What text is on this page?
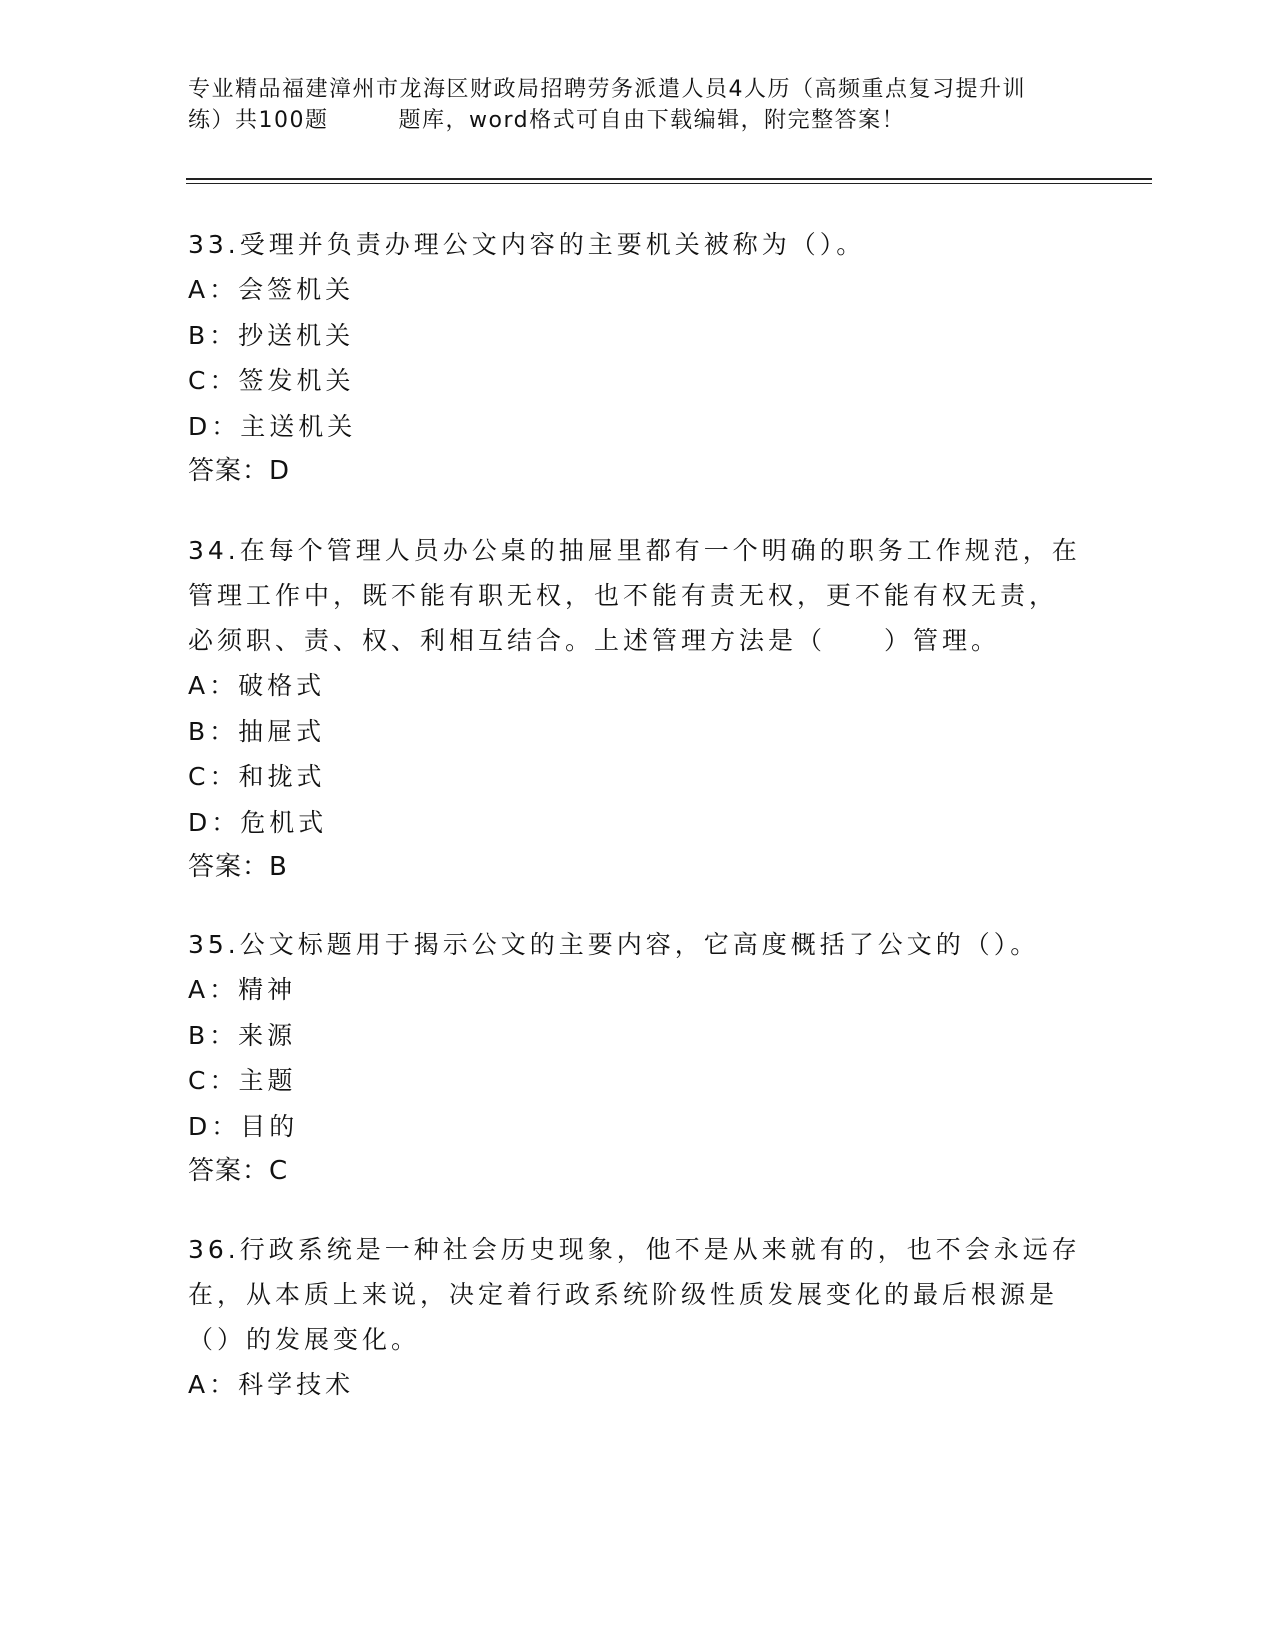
专业精品福建漳州市龙海区财政局招聘劳务派遣人员4人历（高频重点复习提升训
练）共100题	题库，word格式可自由下载编辑，附完整答案！

33.受理并负责办理公文内容的主要机关被称为（）。

A：会签机关

B：抄送机关

C：签发机关

D：主送机关

答案：D

34.在每个管理人员办公桌的抽屉里都有一个明确的职务工作规范，在

管理工作中，既不能有职无权，也不能有责无权，更不能有权无责，

必须职、责、权、利相互结合。上述管理方法是（　　）管理。

A：破格式

B：抽屉式

C：和拢式

D：危机式

答案：B

35.公文标题用于揭示公文的主要内容，它高度概括了公文的（）。

A：精神

B：来源

C：主题

D：目的

答案：C

36.行政系统是一种社会历史现象，他不是从来就有的，也不会永远存

在，从本质上来说，决定着行政系统阶级性质发展变化的最后根源是

（）的发展变化。

A：科学技术
